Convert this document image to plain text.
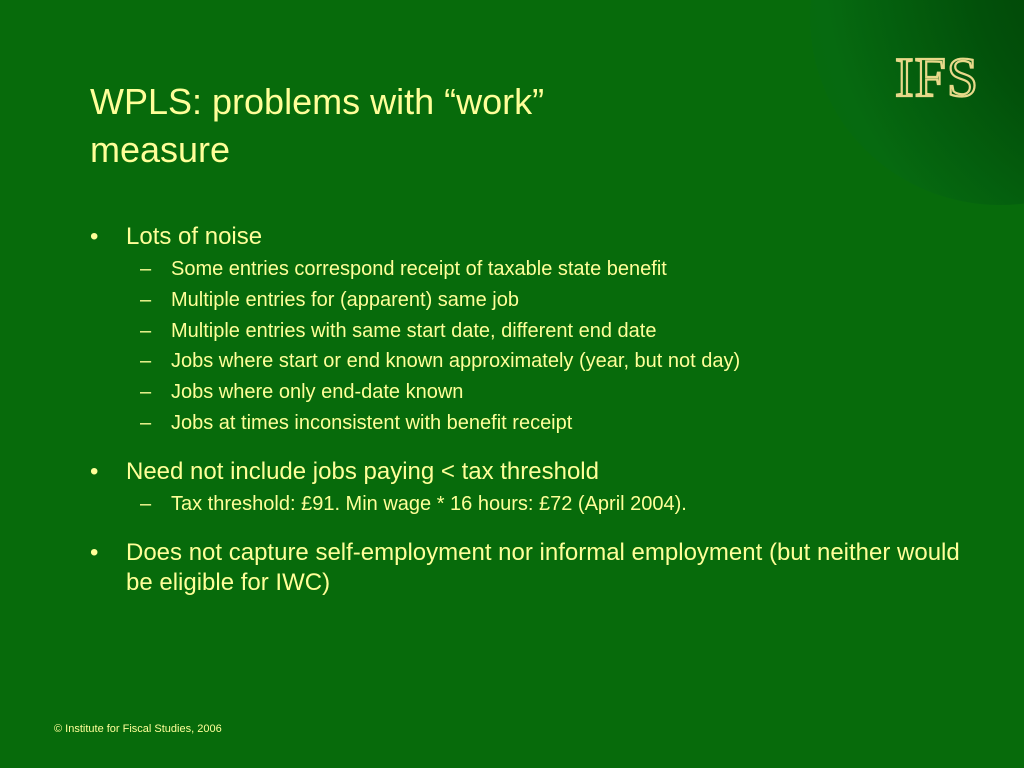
IFS
WPLS: problems with “work”
measure
•	Lots of noise
– Some entries correspond receipt of taxable state benefit
– Multiple entries for (apparent) same job
– Multiple entries with same start date, different end date
– Jobs where start or end known approximately (year, but not day)
– Jobs where only end-date known
– Jobs at times inconsistent with benefit receipt
•	Need not include jobs paying < tax threshold
– Tax threshold: £91. Min wage * 16 hours: £72 (April 2004).
•	Does not capture self-employment nor informal employment (but neither would be eligible for IWC)
© Institute for Fiscal Studies, 2006
